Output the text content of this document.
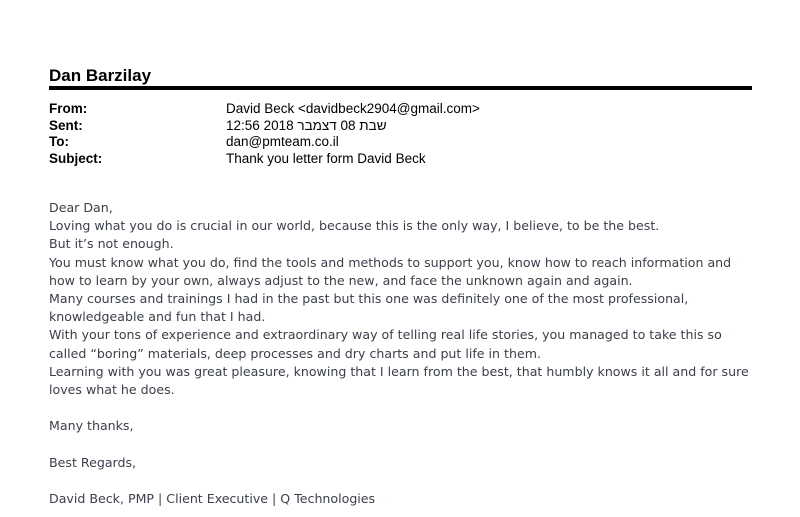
Dan Barzilay
From:	David Beck <davidbeck2904@gmail.com>
Sent:	שבת 08 דצמבר 2018 12:56
To:	dan@pmteam.co.il
Subject:	Thank you letter form David Beck

Dear Dan,

Loving what you do is crucial in our world, because this is the only way, I believe, to be the best.

But it’s not enough.

You must know what you do, find the tools and methods to support you, know how to reach information and how to learn by your own, always adjust to the new, and face the unknown again and again.

Many courses and trainings I had in the past but this one was definitely one of the most professional, knowledgeable and fun that I had.

With your tons of experience and extraordinary way of telling real life stories, you managed to take this so called “boring” materials, deep processes and dry charts and put life in them.

Learning with you was great pleasure, knowing that I learn from the best, that humbly knows it all and for sure loves what he does.

Many thanks,

Best Regards,

David Beck, PMP | Client Executive | Q Technologies
